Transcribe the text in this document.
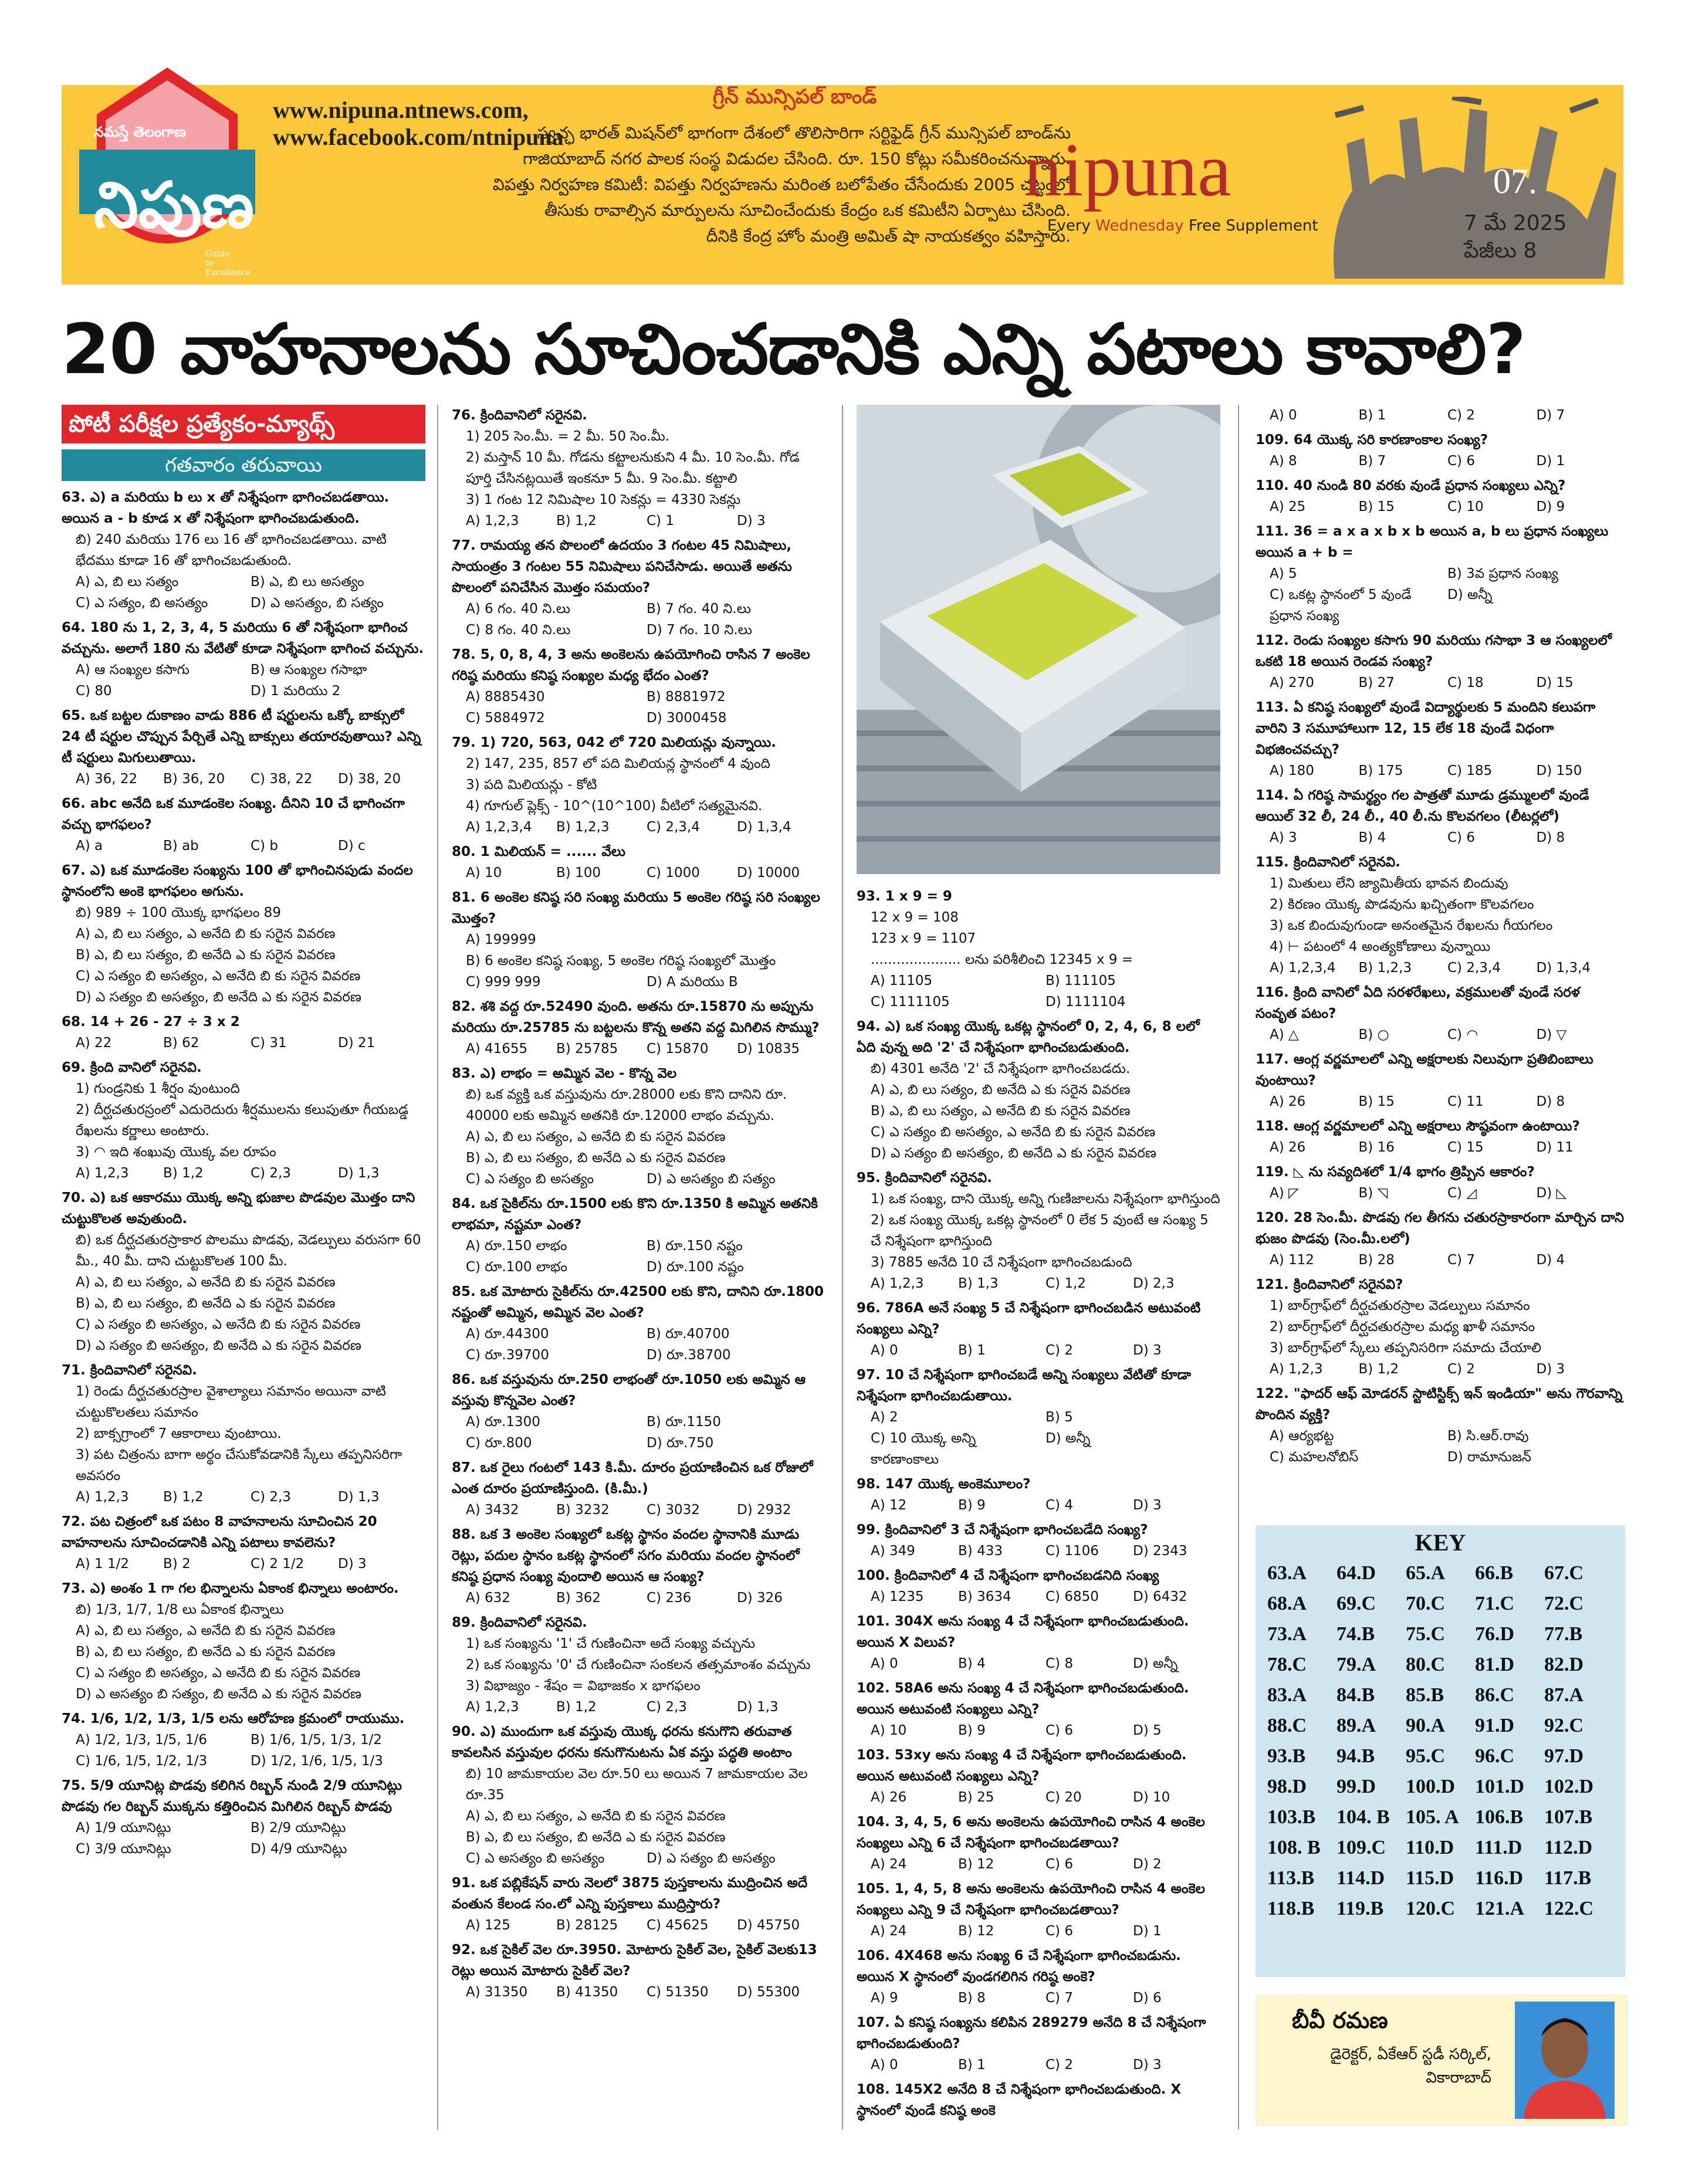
నమస్తే తెలంగాణ
నిపుణ
Guide to Excellence
www.nipuna.ntnews.com,
www.facebook.com/ntnipuna
గ్రీన్ మున్సిపల్ బాండ్
స్వచ్ఛ భారత్ మిషన్‌లో భాగంగా దేశంలో తొలిసారిగా సర్టిఫైడ్ గ్రీన్ మున్సిపల్ బాండ్‌ను
గాజియాబాద్ నగర పాలక సంస్థ విడుదల చేసింది. రూ. 150 కోట్లు సమీకరించనున్నారు.
విపత్తు నిర్వహణ కమిటీ: విపత్తు నిర్వహణను మరింత బలోపేతం చేసేందుకు 2005 చట్టంలో
తీసుకు రావాల్సిన మార్పులను సూచించేందుకు కేంద్రం ఒక కమిటీని ఏర్పాటు చేసింది.
దీనికి కేంద్ర హోం మంత్రి అమిత్ షా నాయకత్వం వహిస్తారు.
nipuna
Every Wednesday Free Supplement
07.
7 మే 2025
పేజీలు 8
20 వాహనాలను సూచించడానికి ఎన్ని పటాలు కావాలి?
పోటీ పరీక్షల ప్రత్యేకం-మ్యాథ్స్
గతవారం తరువాయి

63. ఎ) a మరియు b లు x తో నిశ్శేషంగా భాగించబడతాయి. అయిన a - b కూడ x తో నిశ్శేషంగా భాగించబడుతుంది.

బి) 240 మరియు 176 లు 16 తో భాగించబడతాయి. వాటి భేదము కూడా 16 తో భాగించబడుతుంది.

A) ఎ, బి లు సత్యం	B) ఎ, బి లు అసత్యం
C) ఎ సత్యం, బి అసత్యం	D) ఎ అసత్యం, బి సత్యం

64. 180 ను 1, 2, 3, 4, 5 మరియు 6 తో నిశ్శేషంగా భాగించ వచ్చును. అలాగే 180 ను వేటితో కూడా నిశ్శేషంగా భాగించ వచ్చును.

A) ఆ సంఖ్యల కసాగు	B) ఆ సంఖ్యల గసాభా
C) 80	D) 1 మరియు 2

65. ఒక బట్టల దుకాణం వాడు 886 టీ షర్టులను ఒక్కో బాక్సులో 24 టీ షర్టుల చొప్పున పేర్చితే ఎన్ని బాక్సులు తయారవుతాయి? ఎన్ని టీ షర్టులు మిగులుతాయి.

A) 36, 22	B) 36, 20	C) 38, 22	D) 38, 20

66. abc అనేది ఒక మూడంకెల సంఖ్య. దీనిని 10 చే భాగించగా వచ్చు భాగఫలం?

A) a	B) ab	C) b	D) c

67. ఎ) ఒక మూడంకెల సంఖ్యను 100 తో భాగించినపుడు వందల స్థానంలోని అంకె భాగఫలం అగును.

బి) 989 ÷ 100 యొక్క భాగఫలం 89

A) ఎ, బి లు సత్యం, ఎ అనేది బి కు సరైన వివరణ

B) ఎ, బి లు సత్యం, బి అనేది ఎ కు సరైన వివరణ

C) ఎ సత్యం బి అసత్యం, ఎ అనేది బి కు సరైన వివరణ

D) ఎ సత్యం బి అసత్యం, బి అనేది ఎ కు సరైన వివరణ

68. 14 + 26 - 27 ÷ 3 x 2

A) 22	B) 62	C) 31	D) 21

69. క్రింది వానిలో సరైనవి.

1) గుండ్రనికు 1 శీర్షం వుంటుంది

2) దీర్ఘచతురస్రంలో ఎదురెదురు శీర్షములను కలుపుతూ గీయబడ్డ రేఖలను కర్ణాలు అంటారు.

3) ◠ ఇది శంఖువు యొక్క వల రూపం

A) 1,2,3	B) 1,2	C) 2,3	D) 1,3

70. ఎ) ఒక ఆకారము యొక్క అన్ని భుజాల పొడవుల మొత్తం దాని చుట్టుకొలత అవుతుంది.

బి) ఒక దీర్ఘచతురస్రాకార పొలము పొడవు, వెడల్పులు వరుసగా 60 మీ., 40 మీ. దాని చుట్టుకొలత 100 మీ.

A) ఎ, బి లు సత్యం, ఎ అనేది బి కు సరైన వివరణ

B) ఎ, బి లు సత్యం, బి అనేది ఎ కు సరైన వివరణ

C) ఎ సత్యం బి అసత్యం, ఎ అనేది బి కు సరైన వివరణ

D) ఎ సత్యం బి అసత్యం, బి అనేది ఎ కు సరైన వివరణ

71. క్రిందివానిలో సరైనవి.

1) రెండు దీర్ఘచతురస్రాల వైశాల్యాలు సమానం అయినా వాటి చుట్టుకొలతలు సమానం

2) బాక్సగ్రాంలో 7 ఆకారాలు వుంటాయి.

3) పట చిత్రంను బాగా అర్థం చేసుకోవడానికి స్కేలు తప్పనిసరిగా అవసరం

A) 1,2,3	B) 1,2	C) 2,3	D) 1,3

72. పట చిత్రంలో ఒక పటం 8 వాహనాలను సూచించిన 20 వాహనాలను సూచించడానికి ఎన్ని పటాలు కావలెను?

A) 1 1/2	B) 2	C) 2 1/2	D) 3

73. ఎ) అంశం 1 గా గల భిన్నాలను ఏకాంక భిన్నాలు అంటారం.

బి) 1/3, 1/7, 1/8 లు ఏకాంక భిన్నాలు

A) ఎ, బి లు సత్యం, ఎ అనేది బి కు సరైన వివరణ

B) ఎ, బి లు సత్యం, బి అనేది ఎ కు సరైన వివరణ

C) ఎ సత్యం బి అసత్యం, ఎ అనేది బి కు సరైన వివరణ

D) ఎ అసత్యం బి సత్యం, బి అనేది ఎ కు సరైన వివరణ

74. 1/6, 1/2, 1/3, 1/5 లను ఆరోహణ క్రమంలో రాయుము.

A) 1/2, 1/3, 1/5, 1/6	B) 1/6, 1/5, 1/3, 1/2
C) 1/6, 1/5, 1/2, 1/3	D) 1/2, 1/6, 1/5, 1/3

75. 5/9 యూనిట్ల పొడవు కలిగిన రిబ్బన్ నుండి 2/9 యూనిట్లు పొడవు గల రిబ్బన్ ముక్కను కత్తిరించిన మిగిలిన రిబ్బన్ పొడవు

A) 1/9 యూనిట్లు	B) 2/9 యూనిట్లు
C) 3/9 యూనిట్లు	D) 4/9 యూనిట్లు

76. క్రిందివానిలో సరైనవి.

1) 205 సెం.మీ. = 2 మీ. 50 సెం.మీ.

2) మస్తాన్ 10 మీ. గోడను కట్టాలనుకుని 4 మీ. 10 సెం.మీ. గోడ పూర్తి చేసినట్లయితే ఇంకనూ 5 మీ. 9 సెం.మీ. కట్టాలి

3) 1 గంట 12 నిమిషాల 10 సెకన్లు = 4330 సెకన్లు

A) 1,2,3	B) 1,2	C) 1	D) 3

77. రామయ్య తన పొలంలో ఉదయం 3 గంటల 45 నిమిషాలు, సాయంత్రం 3 గంటల 55 నిమిషాలు పనిచేసాడు. అయితే అతను పొలంలో పనిచేసిన మొత్తం సమయం?

A) 6 గం. 40 ని.లు	B) 7 గం. 40 ని.లు
C) 8 గం. 40 ని.లు	D) 7 గం. 10 ని.లు

78. 5, 0, 8, 4, 3 అను అంకెలను ఉపయోగించి రాసిన 7 అంకెల గరిష్ఠ మరియు కనిష్ఠ సంఖ్యల మధ్య భేదం ఎంత?

A) 8885430	B) 8881972
C) 5884972	D) 3000458

79. 1) 720, 563, 042 లో 720 మిలియన్లు వున్నాయి.

2) 147, 235, 857 లో పది మిలియన్ల స్థానంలో 4 వుంది

3) పది మిలియన్లు - కోటి

4) గూగుల్ ప్లెక్స్ - 10^(10^100) వీటిలో సత్యమైనవి.

A) 1,2,3,4	B) 1,2,3	C) 2,3,4	D) 1,3,4

80. 1 మిలియన్ = ...... వేలు

A) 10	B) 100	C) 1000	D) 10000

81. 6 అంకెల కనిష్ఠ సరి సంఖ్య మరియు 5 అంకెల గరిష్ఠ సరి సంఖ్యల మొత్తం?

A) 199999

B) 6 అంకెల కనిష్ఠ సంఖ్య, 5 అంకెల గరిష్ఠ సంఖ్యలో మొత్తం

C) 999 999	D) A మరియు B

82. శశి వద్ద రూ.52490 వుంది. అతను రూ.15870 ను అప్పును మరియు రూ.25785 ను బట్టలను కొన్న అతని వద్ద మిగిలిన సొమ్ము?

A) 41655	B) 25785	C) 15870	D) 10835

83. ఎ) లాభం = అమ్మిన వెల - కొన్న వెల

బి) ఒక వ్యక్తి ఒక వస్తువును రూ.28000 లకు కొని దానిని రూ. 40000 లకు అమ్మిన అతనికి రూ.12000 లాభం వచ్చును.

A) ఎ, బి లు సత్యం, ఎ అనేది బి కు సరైన వివరణ

B) ఎ, బి లు సత్యం, బి అనేది ఎ కు సరైన వివరణ

C) ఎ సత్యం బి అసత్యం	D) ఎ అసత్యం బి సత్యం

84. ఒక సైకిల్‌ను రూ.1500 లకు కొని రూ.1350 కి అమ్మిన అతనికి లాభమా, నష్టమా ఎంత?

A) రూ.150 లాభం	B) రూ.150 నష్టం
C) రూ.100 లాభం	D) రూ.100 నష్టం

85. ఒక మోటారు సైకిల్‌ను రూ.42500 లకు కొని, దానిని రూ.1800 నష్టంతో అమ్మిన, అమ్మిన వెల ఎంత?

A) రూ.44300	B) రూ.40700
C) రూ.39700	D) రూ.38700

86. ఒక వస్తువును రూ.250 లాభంతో రూ.1050 లకు అమ్మిన ఆ వస్తువు కొన్నవెల ఎంత?

A) రూ.1300	B) రూ.1150
C) రూ.800	D) రూ.750

87. ఒక రైలు గంటలో 143 కి.మీ. దూరం ప్రయాణించిన ఒక రోజులో ఎంత దూరం ప్రయాణిస్తుంది. (కి.మీ.)

A) 3432	B) 3232	C) 3032	D) 2932

88. ఒక 3 అంకెల సంఖ్యలో ఒకట్ల స్థానం వందల స్థానానికి మూడు రెట్లు, పదుల స్థానం ఒకట్ల స్థానంలో సగం మరియు వందల స్థానంలో కనిష్ఠ ప్రధాన సంఖ్య వుందాలి అయిన ఆ సంఖ్య?

A) 632	B) 362	C) 236	D) 326

89. క్రిందివానిలో సరైనవి.

1) ఒక సంఖ్యను '1' చే గుణించినా అదే సంఖ్య వచ్చును

2) ఒక సంఖ్యను '0' చే గుణించినా సంకలన తత్సమాంశం వచ్చును

3) విభాజ్యం - శేషం = విభాజకం x భాగఫలం

A) 1,2,3	B) 1,2	C) 2,3	D) 1,3

90. ఎ) ముందుగా ఒక వస్తువు యొక్క ధరను కనుగొని తరువాత కావలసిన వస్తువుల ధరను కనుగొనుటను ఏక వస్తు పద్ధతి అంటాం

బి) 10 జామకాయల వెల రూ.50 లు అయిన 7 జామకాయల వెల రూ.35

A) ఎ, బి లు సత్యం, ఎ అనేది బి కు సరైన వివరణ

B) ఎ, బి లు సత్యం, బి అనేది ఎ కు సరైన వివరణ

C) ఎ అసత్యం బి అసత్యం	D) ఎ సత్యం బి అసత్యం

91. ఒక పబ్లికేషన్ వారు నెలలో 3875 పుస్తకాలను ముద్రించిన అదే వంతున కేలండ సం.లో ఎన్ని పుస్తకాలు ముద్రిస్తారు?

A) 125	B) 28125	C) 45625	D) 45750

92. ఒక సైకిల్ వెల రూ.3950. మోటారు సైకిల్ వెల, సైకిల్ వెలకు13 రెట్లు అయిన మోటారు సైకిల్ వెల?

A) 31350	B) 41350	C) 51350	D) 55300

93. 1 x 9 = 9

12 x 9 = 108

123 x 9 = 1107

..................... లను పరిశీలించి 12345 x 9 =

A) 11105	B) 111105
C) 1111105	D) 1111104

94. ఎ) ఒక సంఖ్య యొక్క ఒకట్ల స్థానంలో 0, 2, 4, 6, 8 లలో ఏది వున్న అది '2' చే నిశ్శేషంగా భాగించబడుతుంది.

బి) 4301 అనేది '2' చే నిశ్శేషంగా భాగించబడదు.

A) ఎ, బి లు సత్యం, బి అనేది ఎ కు సరైన వివరణ

B) ఎ, బి లు సత్యం, ఎ అనేది బి కు సరైన వివరణ

C) ఎ సత్యం బి అసత్యం, ఎ అనేది బి కు సరైన వివరణ

D) ఎ సత్యం బి అసత్యం, బి అనేది ఎ కు సరైన వివరణ

95. క్రిందివానిలో సరైనవి.

1) ఒక సంఖ్య, దాని యొక్క అన్ని గుణిజాలను నిశ్శేషంగా భాగిస్తుంది

2) ఒక సంఖ్య యొక్క ఒకట్ల స్థానంలో 0 లేక 5 వుంటే ఆ సంఖ్య 5 చే నిశ్శేషంగా భాగిస్తుంది

3) 7885 అనేది 10 చే నిశ్శేషంగా భాగించబడుంది

A) 1,2,3	B) 1,3	C) 1,2	D) 2,3

96. 786A అనే సంఖ్య 5 చే నిశ్శేషంగా భాగించబడిన అటువంటి సంఖ్యలు ఎన్ని?

A) 0	B) 1	C) 2	D) 3

97. 10 చే నిశ్శేషంగా భాగించబడే అన్ని సంఖ్యలు వేటితో కూడా నిశ్శేషంగా భాగించబడుతాయి.

A) 2	B) 5
C) 10 యొక్క అన్ని కారణాంకాలు
D) అన్నీ

98. 147 యొక్క అంకెమూలం?

A) 12	B) 9	C) 4	D) 3

99. క్రిందివానిలో 3 చే నిశ్శేషంగా భాగించబడేది సంఖ్య?

A) 349	B) 433	C) 1106	D) 2343

100. క్రిందివానిలో 4 చే నిశ్శేషంగా భాగించబడనిది సంఖ్య

A) 1235	B) 3634	C) 6850	D) 6432

101. 304X అను సంఖ్య 4 చే నిశ్శేషంగా భాగించబడుతుంది. అయిన X విలువ?

A) 0	B) 4	C) 8	D) అన్నీ

102. 58A6 అను సంఖ్య 4 చే నిశ్శేషంగా భాగించబడుతుంది. అయిన అటువంటి సంఖ్యలు ఎన్ని?

A) 10	B) 9	C) 6	D) 5

103. 53xy అను సంఖ్య 4 చే నిశ్శేషంగా భాగించబడుతుంది. అయిన అటువంటి సంఖ్యలు ఎన్ని?

A) 26	B) 25	C) 20	D) 10

104. 3, 4, 5, 6 అను అంకెలను ఉపయోగించి రాసిన 4 అంకెల సంఖ్యలు ఎన్ని 6 చే నిశ్శేషంగా భాగించబడతాయి?

A) 24	B) 12	C) 6	D) 2

105. 1, 4, 5, 8 అను అంకెలను ఉపయోగించి రాసిన 4 అంకెల సంఖ్యలు ఎన్ని 9 చే నిశ్శేషంగా భాగించబడతాయి?

A) 24	B) 12	C) 6	D) 1

106. 4X468 అను సంఖ్య 6 చే నిశ్శేషంగా భాగించబడును. అయిన X స్థానంలో వుండగలిగిన గరిష్ఠ అంకె?

A) 9	B) 8	C) 7	D) 6

107. ఏ కనిష్ఠ సంఖ్యను కలిపిన 289279 అనేది 8 చే నిశ్శేషంగా భాగించబడుతుంది?

A) 0	B) 1	C) 2	D) 3

108. 145X2 అనేది 8 చే నిశ్శేషంగా భాగించబడుతుంది. X స్థానంలో వుండే కనిష్ఠ అంకె

A) 0	B) 1	C) 2	D) 7

109. 64 యొక్క సరి కారణాంకాల సంఖ్య?

A) 8	B) 7	C) 6	D) 1

110. 40 నుండి 80 వరకు వుండే ప్రధాన సంఖ్యలు ఎన్ని?

A) 25	B) 15	C) 10	D) 9

111. 36 = a x a x b x b అయిన a, b లు ప్రధాన సంఖ్యలు అయిన a + b =

A) 5	B) 3వ ప్రధాన సంఖ్య
C) ఒకట్ల స్థానంలో 5 వుండే ప్రధాన సంఖ్య
D) అన్నీ

112. రెండు సంఖ్యల కసాగు 90 మరియు గసాభా 3 ఆ సంఖ్యలలో ఒకటి 18 అయిన రెండవ సంఖ్య?

A) 270	B) 27	C) 18	D) 15

113. ఏ కనిష్ఠ సంఖ్యలో వుండే విద్యార్థులకు 5 మందిని కలుపగా వారిని 3 సమూహాలుగా 12, 15 లేక 18 వుండే విధంగా విభజించవచ్చు?

A) 180	B) 175	C) 185	D) 150

114. ఏ గరిష్ఠ సామర్థ్యం గల పాత్రతో మూడు డ్రమ్ములలో వుండే ఆయిల్ 32 లీ, 24 లీ., 40 లీ.ను కొలవగలం (లీటర్లలో)

A) 3	B) 4	C) 6	D) 8

115. క్రిందివానిలో సరైనవి.

1) మితులు లేని జ్యామితీయ భావన బిందువు

2) కిరణం యొక్క పొడవును ఖచ్చితంగా కొలవగలం

3) ఒక బిందువుగుండా అనంతమైన రేఖలను గీయగలం

4) ⊢ పటంలో 4 అంత్యకోణాలు వున్నాయి

A) 1,2,3,4	B) 1,2,3	C) 2,3,4	D) 1,3,4

116. క్రింది వానిలో ఏది సరళరేఖలు, వక్రములతో వుండే సరళ సంవృత పటం?

A) △	B) ○	C) ◠	D) ▽

117. ఆంగ్ల వర్ణమాలలో ఎన్ని అక్షరాలకు నిలువుగా ప్రతిబింబాలు వుంటాయి?

A) 26	B) 15	C) 11	D) 8

118. ఆంగ్ల వర్ణమాలలో ఎన్ని అక్షరాలు సౌష్ఠవంగా ఉంటాయి?

A) 26	B) 16	C) 15	D) 11

119. ◺ ను సవ్యదిశలో 1/4 భాగం త్రిప్పిన ఆకారం?

A) ◸	B) ◹	C) ◿	D) ◺

120. 28 సెం.మీ. పొడవు గల తీగను చతురస్రాకారంగా మార్చిన దాని భుజం పొడవు (సెం.మీ.లలో)

A) 112	B) 28	C) 7	D) 4

121. క్రిందివానిలో సరైనవి?

1) బార్‌గ్రాఫ్‌లో దీర్ఘచతురస్రాల వెడల్పులు సమానం

2) బార్‌గ్రాఫ్‌లో దీర్ఘచతురస్రాల మధ్య ఖాళీ సమానం

3) బార్‌గ్రాఫ్‌లో స్కేలు తప్పనిసరిగా సమాదు చేయాలి

A) 1,2,3	B) 1,2	C) 2	D) 3

122. "ఫాదర్ ఆఫ్ మోడరన్ స్టాటిస్టిక్స్ ఇన్ ఇండియా" అను గౌరవాన్ని పొందిన వ్యక్తి?

A) ఆర్యభట్ట	B) సి.ఆర్.రావు
C) మహలనోబిస్	D) రామానుజన్
KEY
63.A	64.D	65.A	66.B	67.C
68.A	69.C	70.C	71.C	72.C
73.A	74.B	75.C	76.D	77.B
78.C	79.A	80.C	81.D	82.D
83.A	84.B	85.B	86.C	87.A
88.C	89.A	90.A	91.D	92.C
93.B	94.B	95.C	96.C	97.D
98.D	99.D	100.D 101.D 102.D
103.B	104. B 105. A 106.B	107.B
108. B 109.C 110.D	111.D	112.D
113.B	114.D	115.D	116.D	117.B
118.B	119.B	120.C 121.A 122.C
బీవీ రమణ
డైరెక్టర్, ఏకేఆర్ స్టడీ సర్కిల్,
వికారాబాద్
